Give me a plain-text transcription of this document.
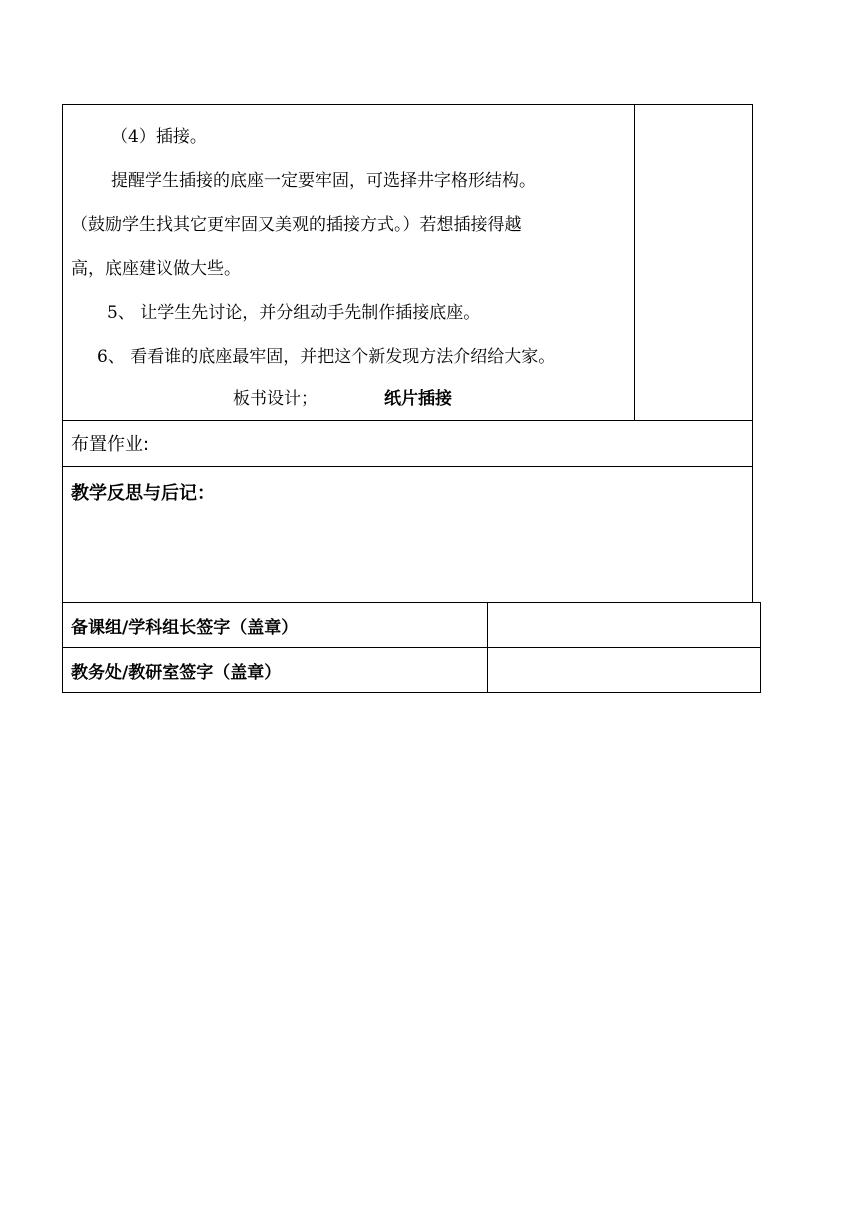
（4）插接。

提醒学生插接的底座一定要牢固，可选择井字格形结构。

（鼓励学生找其它更牢固又美观的插接方式。）若想插接得越

高，底座建议做大些。

5、 让学生先讨论，并分组动手先制作插接底座。

6、 看看谁的底座最牢固，并把这个新发现方法介绍给大家。

板书设计；	纸片插接

布置作业:

教学反思与后记：
备课组/学科组长签字（盖章）	
教务处/教研室签字（盖章）	
